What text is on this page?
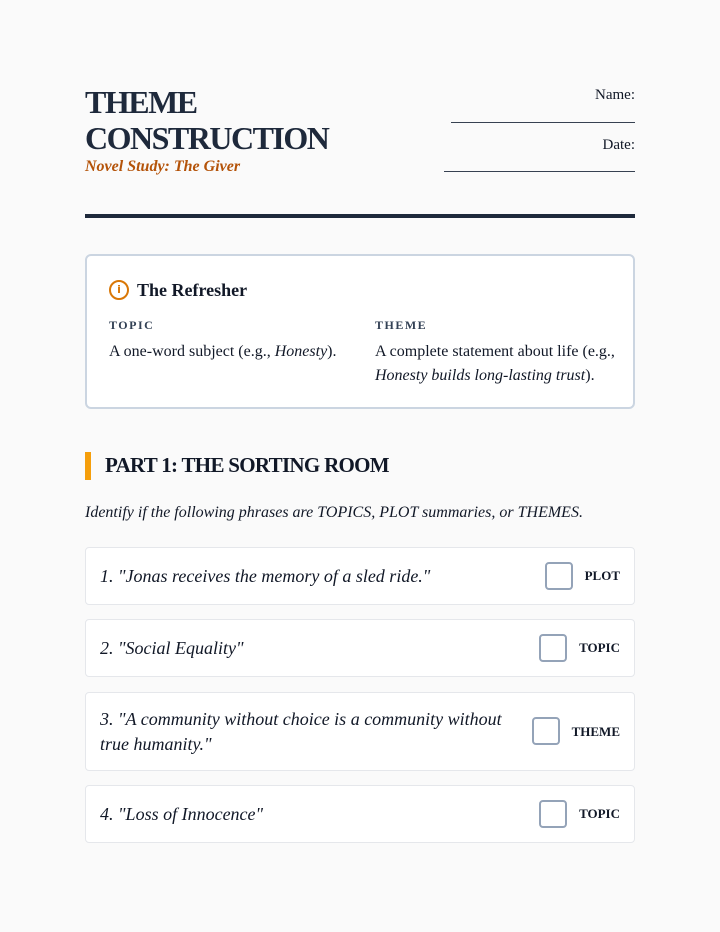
THEME
CONSTRUCTION
Novel Study: The Giver
Name:
Date:
i The Refresher
TOPIC
A one-word subject (e.g., Honesty).
THEME
A complete statement about life (e.g., Honesty builds long-lasting trust).
PART 1: THE SORTING ROOM
Identify if the following phrases are TOPICS, PLOT summaries, or THEMES.
1. "Jonas receives the memory of a sled ride."	PLOT
2. "Social Equality"	TOPIC
3. "A community without choice is a community without true humanity."
THEME
4. "Loss of Innocence"	TOPIC
